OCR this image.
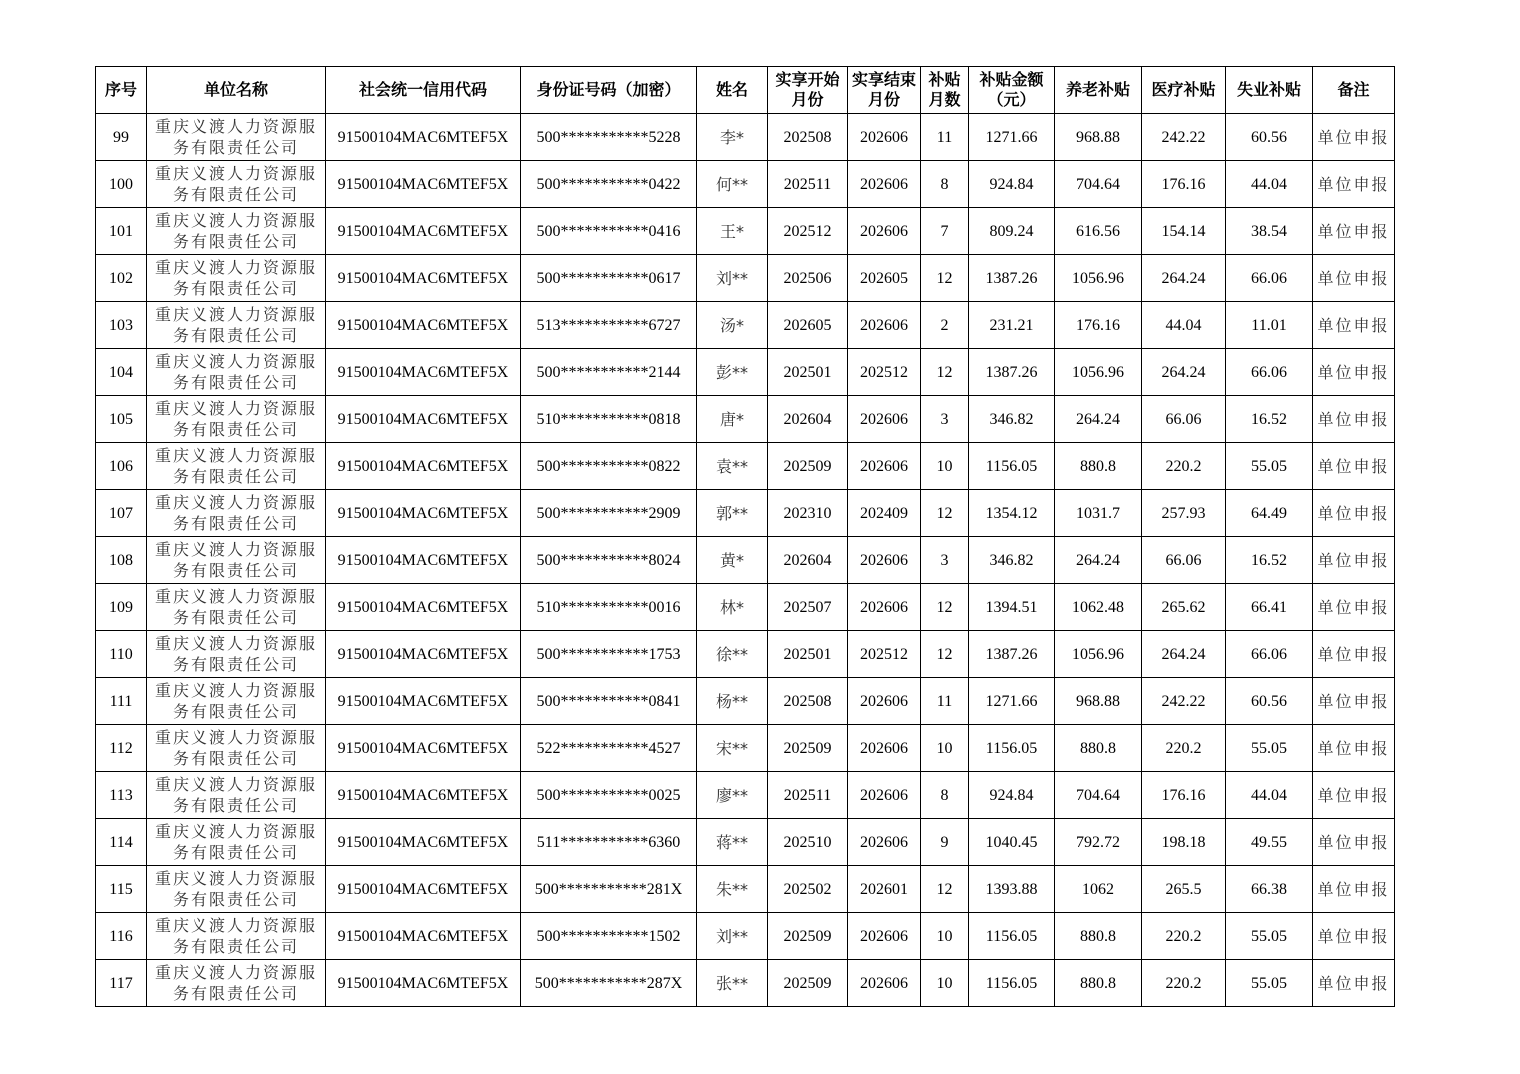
序号	单位名称	社会统一信用代码	身份证号码（加密）	姓名	实享开始月份	实享结束月份	补贴月数	补贴金额（元）	养老补贴	医疗补贴	失业补贴	备注
99	重庆义渡人力资源服
务有限责任公司	91500104MAC6MTEF5X	500***********5228	李*	202508	202606	11	1271.66	968.88	242.22	60.56	单位申报
100	重庆义渡人力资源服
务有限责任公司	91500104MAC6MTEF5X	500***********0422	何**	202511	202606	8	924.84	704.64	176.16	44.04	单位申报
101	重庆义渡人力资源服
务有限责任公司	91500104MAC6MTEF5X	500***********0416	王*	202512	202606	7	809.24	616.56	154.14	38.54	单位申报
102	重庆义渡人力资源服
务有限责任公司	91500104MAC6MTEF5X	500***********0617	刘**	202506	202605	12	1387.26	1056.96	264.24	66.06	单位申报
103	重庆义渡人力资源服
务有限责任公司	91500104MAC6MTEF5X	513***********6727	汤*	202605	202606	2	231.21	176.16	44.04	11.01	单位申报
104	重庆义渡人力资源服
务有限责任公司	91500104MAC6MTEF5X	500***********2144	彭**	202501	202512	12	1387.26	1056.96	264.24	66.06	单位申报
105	重庆义渡人力资源服
务有限责任公司	91500104MAC6MTEF5X	510***********0818	唐*	202604	202606	3	346.82	264.24	66.06	16.52	单位申报
106	重庆义渡人力资源服
务有限责任公司	91500104MAC6MTEF5X	500***********0822	袁**	202509	202606	10	1156.05	880.8	220.2	55.05	单位申报
107	重庆义渡人力资源服
务有限责任公司	91500104MAC6MTEF5X	500***********2909	郭**	202310	202409	12	1354.12	1031.7	257.93	64.49	单位申报
108	重庆义渡人力资源服
务有限责任公司	91500104MAC6MTEF5X	500***********8024	黄*	202604	202606	3	346.82	264.24	66.06	16.52	单位申报
109	重庆义渡人力资源服
务有限责任公司	91500104MAC6MTEF5X	510***********0016	林*	202507	202606	12	1394.51	1062.48	265.62	66.41	单位申报
110	重庆义渡人力资源服
务有限责任公司	91500104MAC6MTEF5X	500***********1753	徐**	202501	202512	12	1387.26	1056.96	264.24	66.06	单位申报
111	重庆义渡人力资源服
务有限责任公司	91500104MAC6MTEF5X	500***********0841	杨**	202508	202606	11	1271.66	968.88	242.22	60.56	单位申报
112	重庆义渡人力资源服
务有限责任公司	91500104MAC6MTEF5X	522***********4527	宋**	202509	202606	10	1156.05	880.8	220.2	55.05	单位申报
113	重庆义渡人力资源服
务有限责任公司	91500104MAC6MTEF5X	500***********0025	廖**	202511	202606	8	924.84	704.64	176.16	44.04	单位申报
114	重庆义渡人力资源服
务有限责任公司	91500104MAC6MTEF5X	511***********6360	蒋**	202510	202606	9	1040.45	792.72	198.18	49.55	单位申报
115	重庆义渡人力资源服
务有限责任公司	91500104MAC6MTEF5X	500***********281X	朱**	202502	202601	12	1393.88	1062	265.5	66.38	单位申报
116	重庆义渡人力资源服
务有限责任公司	91500104MAC6MTEF5X	500***********1502	刘**	202509	202606	10	1156.05	880.8	220.2	55.05	单位申报
117	重庆义渡人力资源服
务有限责任公司	91500104MAC6MTEF5X	500***********287X	张**	202509	202606	10	1156.05	880.8	220.2	55.05	单位申报
